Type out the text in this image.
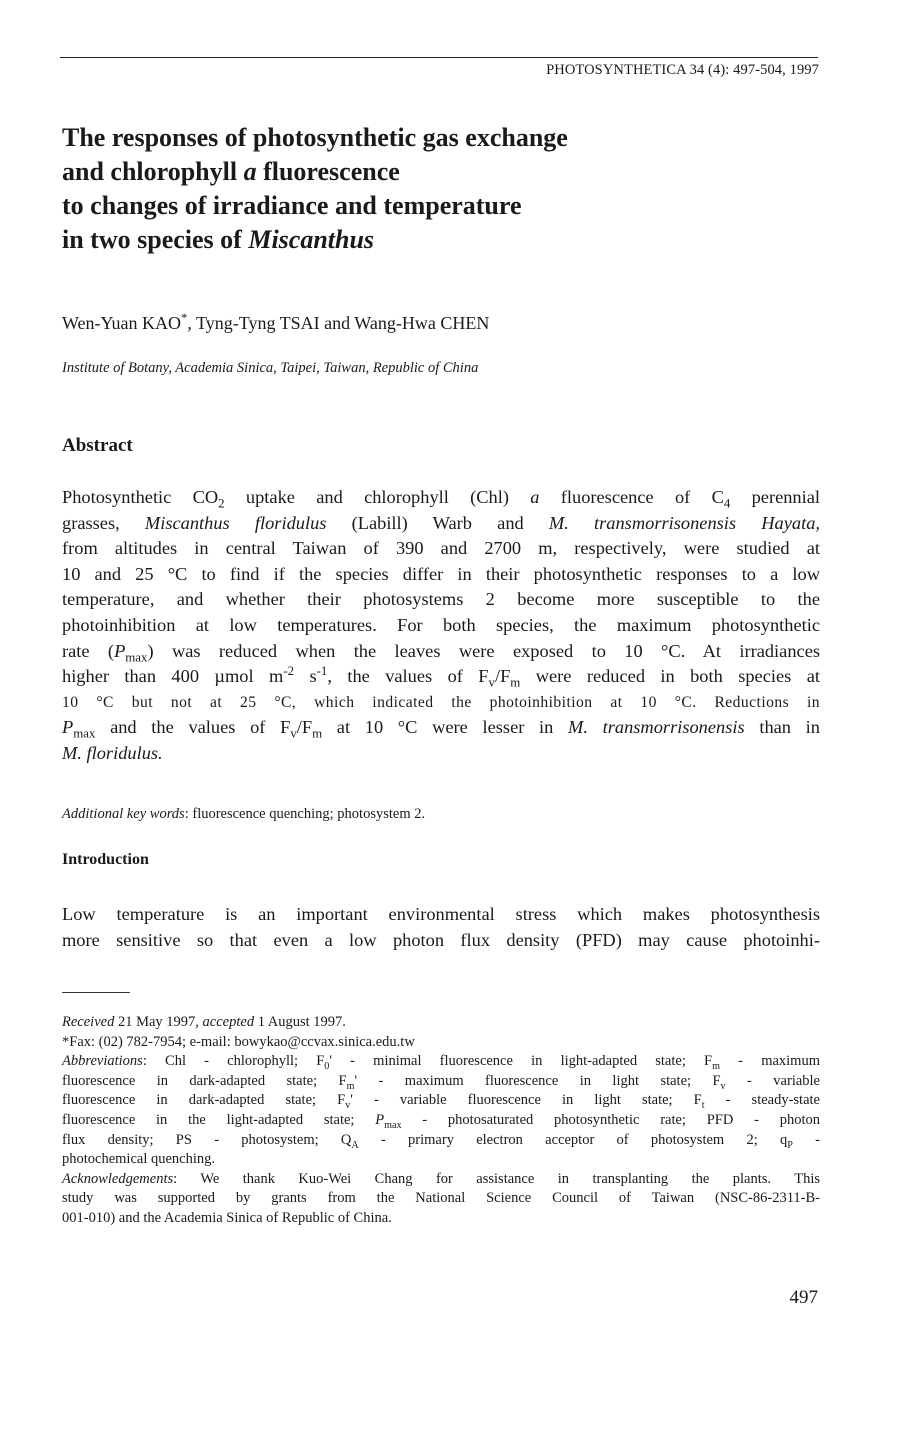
PHOTOSYNTHETICA 34 (4): 497-504, 1997
The responses of photosynthetic gas exchange
and chlorophyll a fluorescence
to changes of irradiance and temperature
in two species of Miscanthus
Wen-Yuan KAO*, Tyng-Tyng TSAI and Wang-Hwa CHEN
Institute of Botany, Academia Sinica, Taipei, Taiwan, Republic of China
Abstract
Photosynthetic $CO_2$ uptake and chlorophyll (Chl) a fluorescence of $C_4$ perennial
grasses, Miscanthus floridulus (Labill) Warb and M. transmorrisonensis Hayata,
from altitudes in central Taiwan of 390 and 2700 m, respectively, were studied at
10 and 25 °C to find if the species differ in their photosynthetic responses to a low
temperature, and whether their photosystems 2 become more susceptible to the
photoinhibition at low temperatures. For both species, the maximum photosynthetic
rate $(P_{max})$ was reduced when the leaves were exposed to 10 °C. At irradiances
higher than 400 µmol $m^{-2}$ $s^{-1}$, the values of $F_v/F_m$ were reduced in both species at
10 °C but not at 25 °C, which indicated the photoinhibition at 10 °C. Reductions in
$P_{max}$ and the values of $F_v/F_m$ at 10 °C were lesser in M. transmorrisonensis than in
M. floridulus.
Additional key words: fluorescence quenching; photosystem 2.
Introduction
Low temperature is an important environmental stress which makes photosynthesis
more sensitive so that even a low photon flux density (PFD) may cause photoinhi-
Received 21 May 1997, accepted 1 August 1997.
*Fax: (02) 782-7954; e-mail: bowykao@ccvax.sinica.edu.tw
Abbreviations: Chl - chlorophyll; $F_0'$ - minimal fluorescence in light-adapted state; $F_m$ - maximum
fluorescence in dark-adapted state; $F_m'$ - maximum fluorescence in light state; $F_v$ - variable
fluorescence in dark-adapted state; $F_v'$ - variable fluorescence in light state; $F_t$ - steady-state
fluorescence in the light-adapted state; $P_{max}$ - photosaturated photosynthetic rate; PFD - photon
flux density; PS - photosystem; $Q_A$ - primary electron acceptor of photosystem 2; $q_P$ -
photochemical quenching.
Acknowledgements: We thank Kuo-Wei Chang for assistance in transplanting the plants. This
study was supported by grants from the National Science Council of Taiwan (NSC-86-2311-B-
001-010) and the Academia Sinica of Republic of China.
497
